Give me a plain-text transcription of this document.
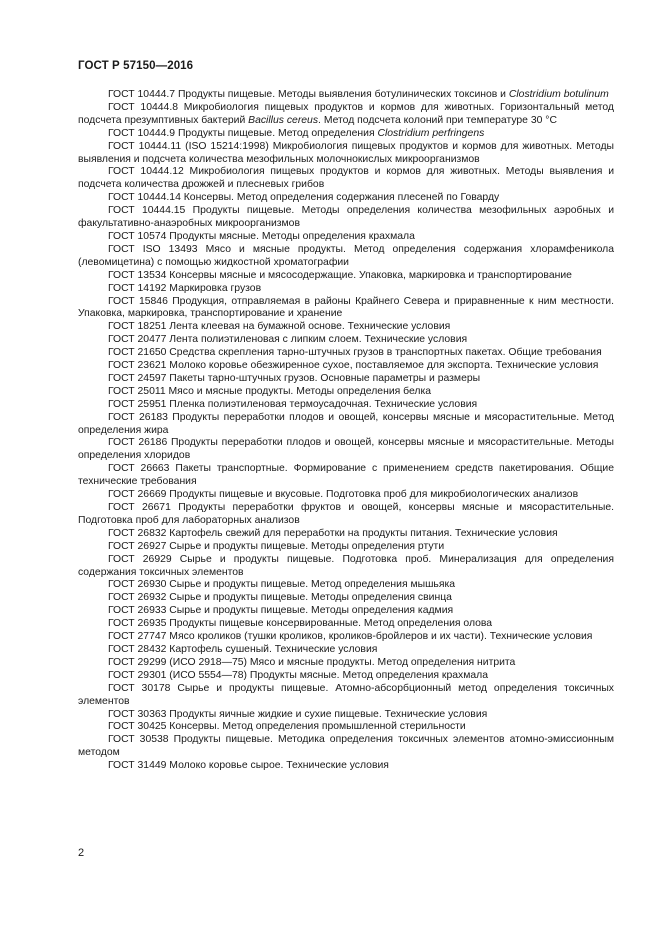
ГОСТ Р 57150—2016

ГОСТ 10444.7 Продукты пищевые. Методы выявления ботулинических токсинов и Clostridium botulinum

ГОСТ 10444.8 Микробиология пищевых продуктов и кормов для животных. Горизонтальный метод подсчета презумптивных бактерий Bacillus cereus. Метод подсчета колоний при температуре 30 °С

ГОСТ 10444.9 Продукты пищевые. Метод определения Clostridium perfringens

ГОСТ 10444.11 (ISO 15214:1998) Микробиология пищевых продуктов и кормов для животных. Методы выявления и подсчета количества мезофильных молочнокислых микроорганизмов

ГОСТ 10444.12 Микробиология пищевых продуктов и кормов для животных. Методы выявления и подсчета количества дрожжей и плесневых грибов

ГОСТ 10444.14 Консервы. Метод определения содержания плесеней по Говарду

ГОСТ 10444.15 Продукты пищевые. Методы определения количества мезофильных аэробных и факультативно-анаэробных микроорганизмов

ГОСТ 10574 Продукты мясные. Методы определения крахмала

ГОСТ ISO 13493 Мясо и мясные продукты. Метод определения содержания хлорамфеникола (левомицетина) с помощью жидкостной хроматографии

ГОСТ 13534 Консервы мясные и мясосодержащие. Упаковка, маркировка и транспортирование

ГОСТ 14192 Маркировка грузов

ГОСТ 15846 Продукция, отправляемая в районы Крайнего Севера и приравненные к ним местности. Упаковка, маркировка, транспортирование и хранение

ГОСТ 18251 Лента клеевая на бумажной основе. Технические условия

ГОСТ 20477 Лента полиэтиленовая с липким слоем. Технические условия

ГОСТ 21650 Средства скрепления тарно-штучных грузов в транспортных пакетах. Общие требования

ГОСТ 23621 Молоко коровье обезжиренное сухое, поставляемое для экспорта. Технические условия

ГОСТ 24597 Пакеты тарно-штучных грузов. Основные параметры и размеры

ГОСТ 25011 Мясо и мясные продукты. Методы определения белка

ГОСТ 25951 Пленка полиэтиленовая термоусадочная. Технические условия

ГОСТ 26183 Продукты переработки плодов и овощей, консервы мясные и мясорастительные. Метод определения жира

ГОСТ 26186 Продукты переработки плодов и овощей, консервы мясные и мясорастительные. Методы определения хлоридов

ГОСТ 26663 Пакеты транспортные. Формирование с применением средств пакетирования. Общие технические требования

ГОСТ 26669 Продукты пищевые и вкусовые. Подготовка проб для микробиологических анализов

ГОСТ 26671 Продукты переработки фруктов и овощей, консервы мясные и мясорастительные. Подготовка проб для лабораторных анализов

ГОСТ 26832 Картофель свежий для переработки на продукты питания. Технические условия

ГОСТ 26927 Сырье и продукты пищевые. Методы определения ртути

ГОСТ 26929 Сырье и продукты пищевые. Подготовка проб. Минерализация для определения содержания токсичных элементов

ГОСТ 26930 Сырье и продукты пищевые. Метод определения мышьяка

ГОСТ 26932 Сырье и продукты пищевые. Методы определения свинца

ГОСТ 26933 Сырье и продукты пищевые. Методы определения кадмия

ГОСТ 26935 Продукты пищевые консервированные. Метод определения олова

ГОСТ 27747 Мясо кроликов (тушки кроликов, кроликов-бройлеров и их части). Технические условия

ГОСТ 28432 Картофель сушеный. Технические условия

ГОСТ 29299 (ИСО 2918—75) Мясо и мясные продукты. Метод определения нитрита

ГОСТ 29301 (ИСО 5554—78) Продукты мясные. Метод определения крахмала

ГОСТ 30178 Сырье и продукты пищевые. Атомно-абсорбционный метод определения токсичных элементов

ГОСТ 30363 Продукты яичные жидкие и сухие пищевые. Технические условия

ГОСТ 30425 Консервы. Метод определения промышленной стерильности

ГОСТ 30538 Продукты пищевые. Методика определения токсичных элементов атомно-эмиссионным методом

ГОСТ 31449 Молоко коровье сырое. Технические условия

2
